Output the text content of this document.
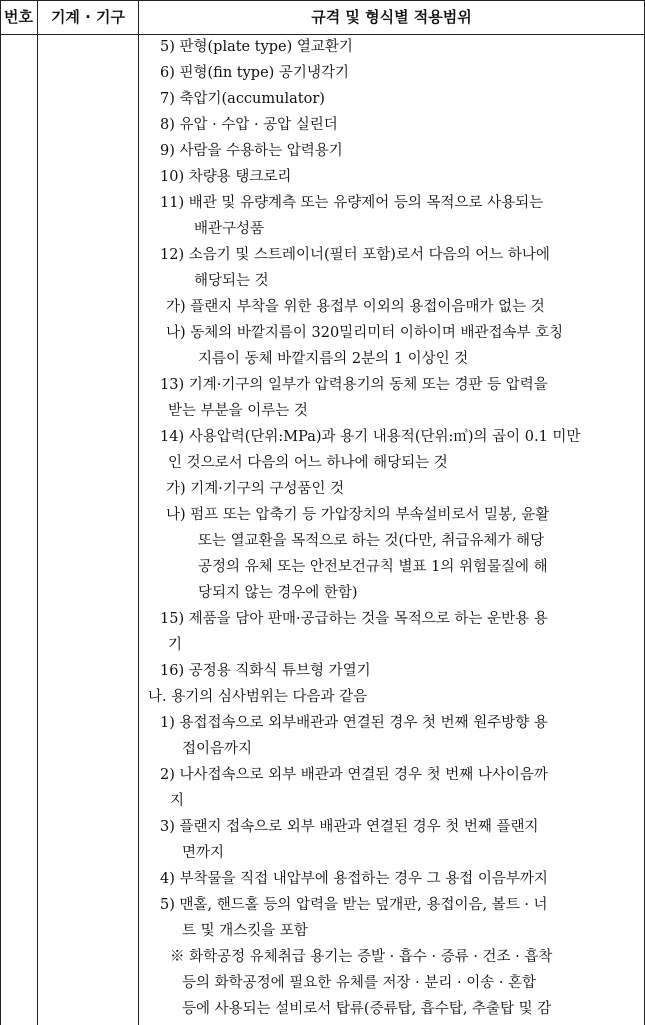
번호	기계 · 기구	규격 및 형식별 적용범위
5) 판형(plate type) 열교환기
6) 핀형(fin type) 공기냉각기
7) 축압기(accumulator)
8) 유압 · 수압 · 공압 실린더
9) 사람을 수용하는 압력용기
10) 차량용 탱크로리
11) 배관 및 유량계측 또는 유량제어 등의 목적으로 사용되는
배관구성품
12) 소음기 및 스트레이너(필터 포함)로서 다음의 어느 하나에
해당되는 것
가) 플랜지 부착을 위한 용접부 이외의 용접이음매가 없는 것
나) 동체의 바깥지름이 320밀리미터 이하이며 배관접속부 호칭
지름이 동체 바깥지름의 2분의 1 이상인 것
13) 기계·기구의 일부가 압력용기의 동체 또는 경판 등 압력을
받는 부분을 이루는 것
14) 사용압력(단위:MPa)과 용기 내용적(단위:㎥)의 곱이 0.1 미만
인 것으로서 다음의 어느 하나에 해당되는 것
가) 기계·기구의 구성품인 것
나) 펌프 또는 압축기 등 가압장치의 부속설비로서 밀봉, 윤활
또는 열교환을 목적으로 하는 것(다만, 취급유체가 해당
공정의 유체 또는 안전보건규칙 별표 1의 위험물질에 해
당되지 않는 경우에 한함)
15) 제품을 담아 판매·공급하는 것을 목적으로 하는 운반용 용
기
16) 공정용 직화식 튜브형 가열기
나. 용기의 심사범위는 다음과 같음
1) 용접접속으로 외부배관과 연결된 경우 첫 번째 원주방향 용
접이음까지
2) 나사접속으로 외부 배관과 연결된 경우 첫 번째 나사이음까
지
3) 플랜지 접속으로 외부 배관과 연결된 경우 첫 번째 플랜지
면까지
4) 부착물을 직접 내압부에 용접하는 경우 그 용접 이음부까지
5) 맨홀, 핸드홀 등의 압력을 받는 덮개판, 용접이음, 볼트 · 너
트 및 개스킷을 포함
※ 화학공정 유체취급 용기는 증발 · 흡수 · 증류 · 건조 · 흡착
등의 화학공정에 필요한 유체를 저장 · 분리 · 이송 · 혼합
등에 사용되는 설비로서 탑류(증류탑, 흡수탑, 추출탑 및 감
